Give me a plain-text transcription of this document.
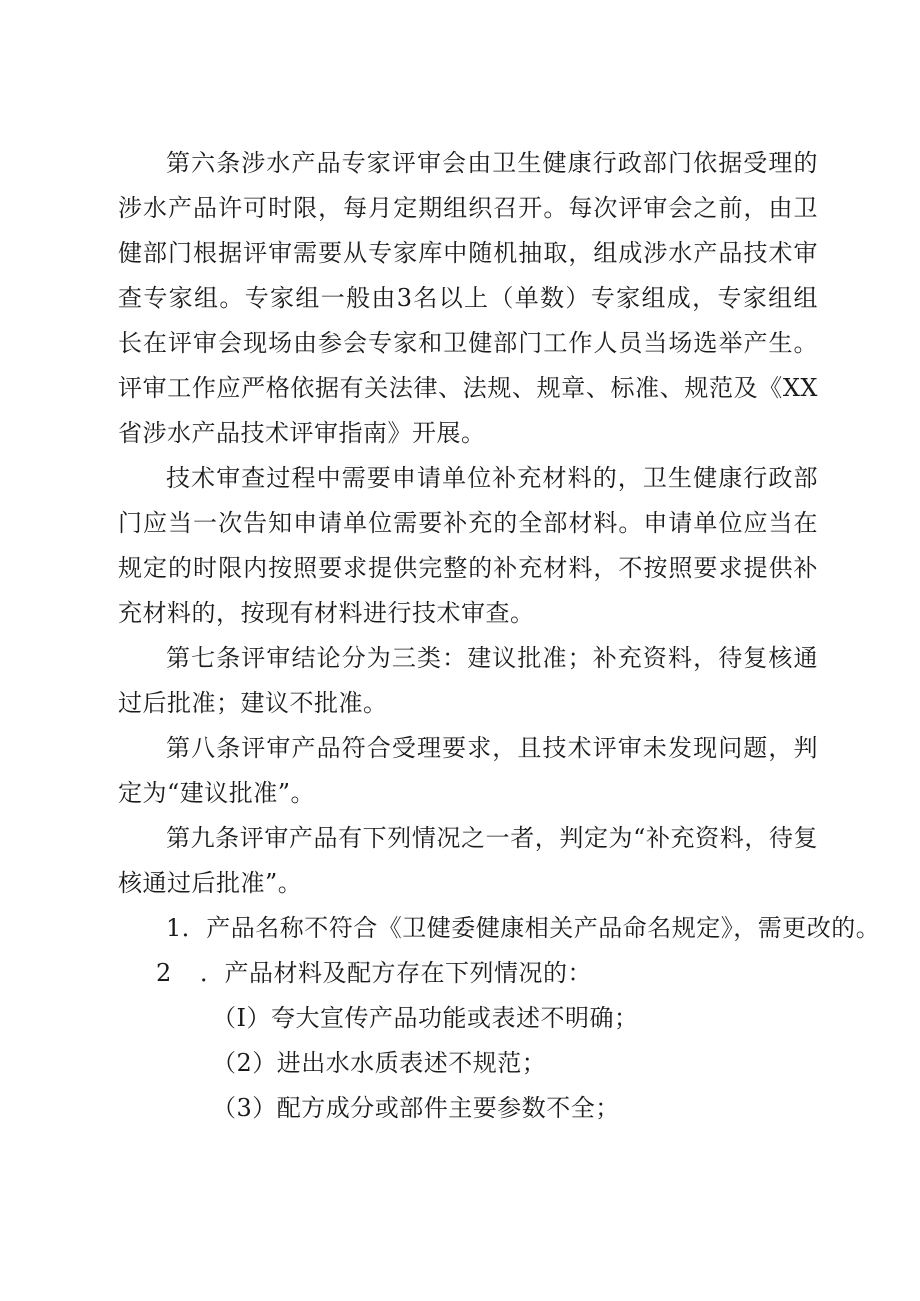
第六条涉水产品专家评审会由卫生健康行政部门依据受理的涉水产品许可时限，每月定期组织召开。每次评审会之前，由卫健部门根据评审需要从专家库中随机抽取，组成涉水产品技术审查专家组。专家组一般由3名以上（单数）专家组成，专家组组长在评审会现场由参会专家和卫健部门工作人员当场选举产生。评审工作应严格依据有关法律、法规、规章、标准、规范及《XX省涉水产品技术评审指南》开展。

技术审查过程中需要申请单位补充材料的，卫生健康行政部门应当一次告知申请单位需要补充的全部材料。申请单位应当在规定的时限内按照要求提供完整的补充材料，不按照要求提供补充材料的，按现有材料进行技术审查。

第七条评审结论分为三类：建议批准；补充资料，待复核通过后批准；建议不批准。

第八条评审产品符合受理要求，且技术评审未发现问题，判定为“建议批准”。

第九条评审产品有下列情况之一者，判定为“补充资料，待复核通过后批准”。

1．产品名称不符合《卫健委健康相关产品命名规定》，需更改的。

2 ．产品材料及配方存在下列情况的：

（I）夸大宣传产品功能或表述不明确；

（2）进出水水质表述不规范；

（3）配方成分或部件主要参数不全；
